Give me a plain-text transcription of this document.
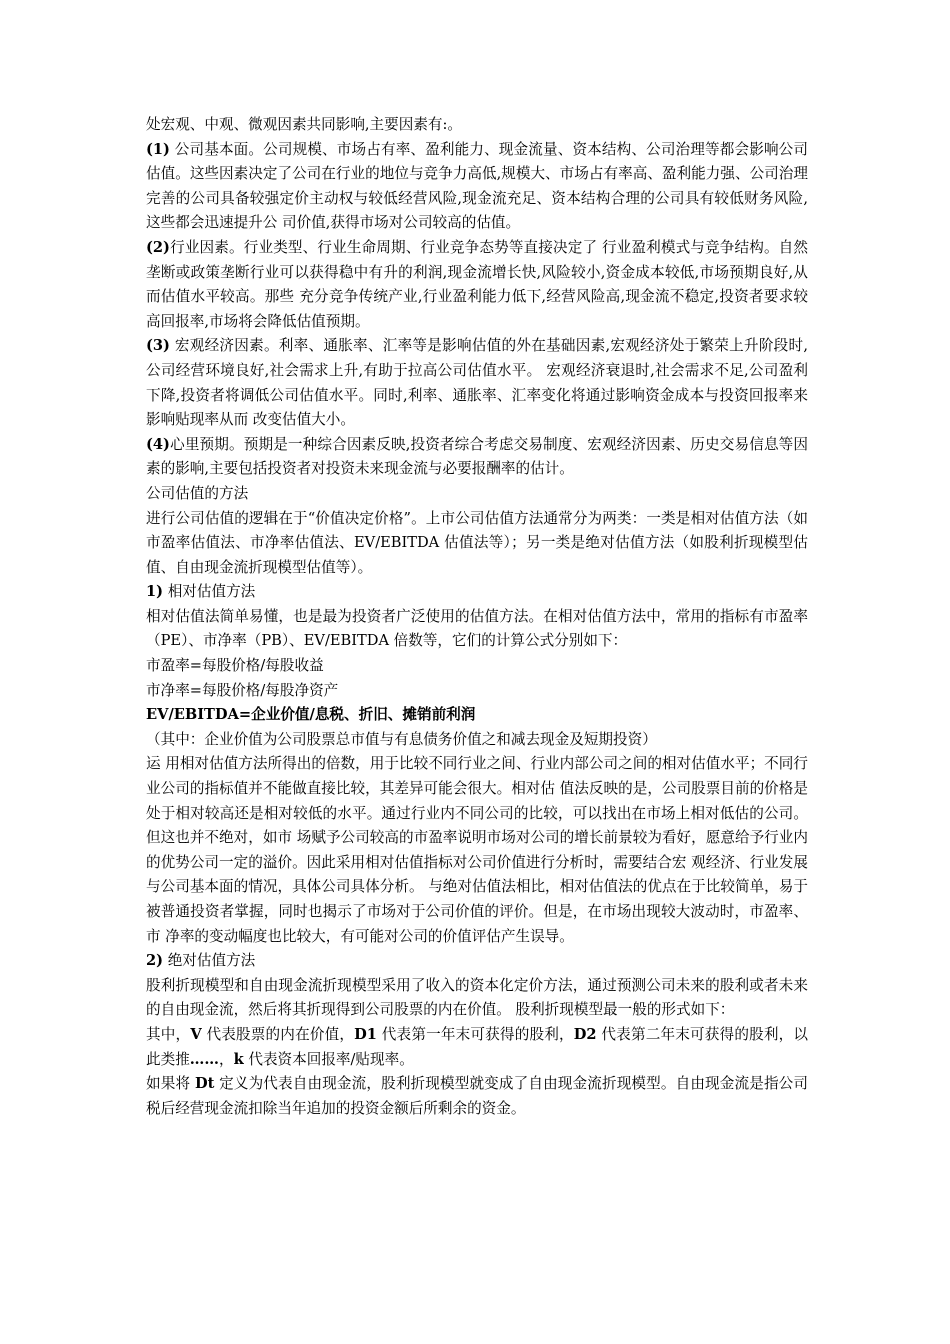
处宏观、中观、微观因素共同影响,主要因素有:。

(1) 公司基本面。公司规模、市场占有率、盈利能力、现金流量、资本结构、公司治理等都会影响公司估值。这些因素决定了公司在行业的地位与竞争力高低,规模大、市场占有率高、盈利能力强、公司治理完善的公司具备较强定价主动权与较低经营风险,现金流充足、资本结构合理的公司具有较低财务风险,这些都会迅速提升公 司价值,获得市场对公司较高的估值。

(2)行业因素。行业类型、行业生命周期、行业竞争态势等直接决定了 行业盈利模式与竞争结构。自然垄断或政策垄断行业可以获得稳中有升的利润,现金流增长快,风险较小,资金成本较低,市场预期良好,从而估值水平较高。那些 充分竞争传统产业,行业盈利能力低下,经营风险高,现金流不稳定,投资者要求较高回报率,市场将会降低估值预期。

(3) 宏观经济因素。利率、通胀率、汇率等是影响估值的外在基础因素,宏观经济处于繁荣上升阶段时,公司经营环境良好,社会需求上升,有助于拉高公司估值水平。 宏观经济衰退时,社会需求不足,公司盈利下降,投资者将调低公司估值水平。同时,利率、通胀率、汇率变化将通过影响资金成本与投资回报率来影响贴现率从而 改变估值大小。

(4)心里预期。预期是一种综合因素反映,投资者综合考虑交易制度、宏观经济因素、历史交易信息等因素的影响,主要包括投资者对投资未来现金流与必要报酬率的估计。

公司估值的方法

进行公司估值的逻辑在于“价值决定价格”。上市公司估值方法通常分为两类：一类是相对估值方法（如市盈率估值法、市净率估值法、EV/EBITDA 估值法等）；另一类是绝对估值方法（如股利折现模型估值、自由现金流折现模型估值等）。

1) 相对估值方法

相对估值法简单易懂，也是最为投资者广泛使用的估值方法。在相对估值方法中，常用的指标有市盈率（PE）、市净率（PB）、EV/EBITDA 倍数等，它们的计算公式分别如下：

市盈率=每股价格/每股收益

市净率=每股价格/每股净资产

EV/EBITDA=企业价值/息税、折旧、摊销前利润

（其中：企业价值为公司股票总市值与有息债务价值之和减去现金及短期投资）

运 用相对估值方法所得出的倍数，用于比较不同行业之间、行业内部公司之间的相对估值水平；不同行业公司的指标值并不能做直接比较，其差异可能会很大。相对估 值法反映的是，公司股票目前的价格是处于相对较高还是相对较低的水平。通过行业内不同公司的比较，可以找出在市场上相对低估的公司。但这也并不绝对，如市 场赋予公司较高的市盈率说明市场对公司的增长前景较为看好，愿意给予行业内的优势公司一定的溢价。因此采用相对估值指标对公司价值进行分析时，需要结合宏 观经济、行业发展与公司基本面的情况，具体公司具体分析。 与绝对估值法相比，相对估值法的优点在于比较简单，易于被普通投资者掌握，同时也揭示了市场对于公司价值的评价。但是，在市场出现较大波动时，市盈率、市 净率的变动幅度也比较大，有可能对公司的价值评估产生误导。

2) 绝对估值方法

股利折现模型和自由现金流折现模型采用了收入的资本化定价方法，通过预测公司未来的股利或者未来的自由现金流，然后将其折现得到公司股票的内在价值。 股利折现模型最一般的形式如下：

其中，V 代表股票的内在价值，D1 代表第一年末可获得的股利，D2 代表第二年末可获得的股利，以此类推……，k 代表资本回报率/贴现率。

如果将 Dt 定义为代表自由现金流，股利折现模型就变成了自由现金流折现模型。自由现金流是指公司税后经营现金流扣除当年追加的投资金额后所剩余的资金。
